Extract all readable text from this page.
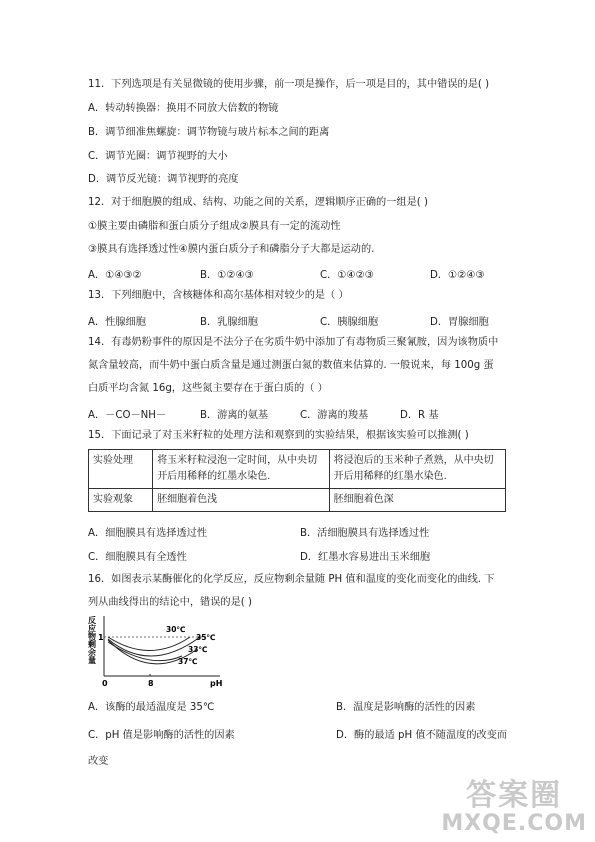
11．下列选项是有关显微镜的使用步骤，前一项是操作，后一项是目的，其中错误的是( )
A．转动转换器：换用不同放大倍数的物镜
B．调节细准焦螺旋：调节物镜与玻片标本之间的距离
C．调节光圈：调节视野的大小
D．调节反光镜：调节视野的亮度
12．对于细胞膜的组成、结构、功能之间的关系，逻辑顺序正确的一组是( )
①膜主要由磷脂和蛋白质分子组成②膜具有一定的流动性
③膜具有选择透过性④膜内蛋白质分子和磷脂分子大都是运动的.
A．①④③②	B．①②④③	C．①④②③	D．①②④③
13．下列细胞中，含核糖体和高尔基体相对较少的是（ ）
A．性腺细胞	B．乳腺细胞	C．胰腺细胞	D．胃腺细胞
14．有毒奶粉事件的原因是不法分子在劣质牛奶中添加了有毒物质三聚氰胺，因为该物质中
氮含量较高，而牛奶中蛋白质含量是通过测蛋白氮的数值来估算的. 一般说来，每 100g 蛋
白质平均含氮 16g，这些氮主要存在于蛋白质的（ ）
A．－CO－NH－	B．游离的氨基	C．游离的羧基	D．R 基
15．下面记录了对玉米籽粒的处理方法和观察到的实验结果，根据该实验可以推测( )
实验处理	将玉米籽粒浸泡一定时间，从中央切开后用稀释的红墨水染色.	将浸泡后的玉米种子煮熟，从中央切开后用稀释的红墨水染色.
实验观象	胚细胞着色浅	胚细胞着色深
A．细胞膜具有选择透过性	B．活细胞膜具有选择透过性
C．细胞膜具有全透性	D．红墨水容易进出玉米细胞
16．如图表示某酶催化的化学反应，反应物剩余量随 PH 值和温度的变化而变化的曲线. 下
列从曲线得出的结论中，错误的是( )
反应物剩余量 1
0	8	pH
30℃
35℃
33℃
37℃
A．该酶的最适温度是 35℃	B．温度是影响酶的活性的因素
C．pH 值是影响酶的活性的因素	D．酶的最适 pH 值不随温度的改变而
改变
答案圈
MXQE.COM
